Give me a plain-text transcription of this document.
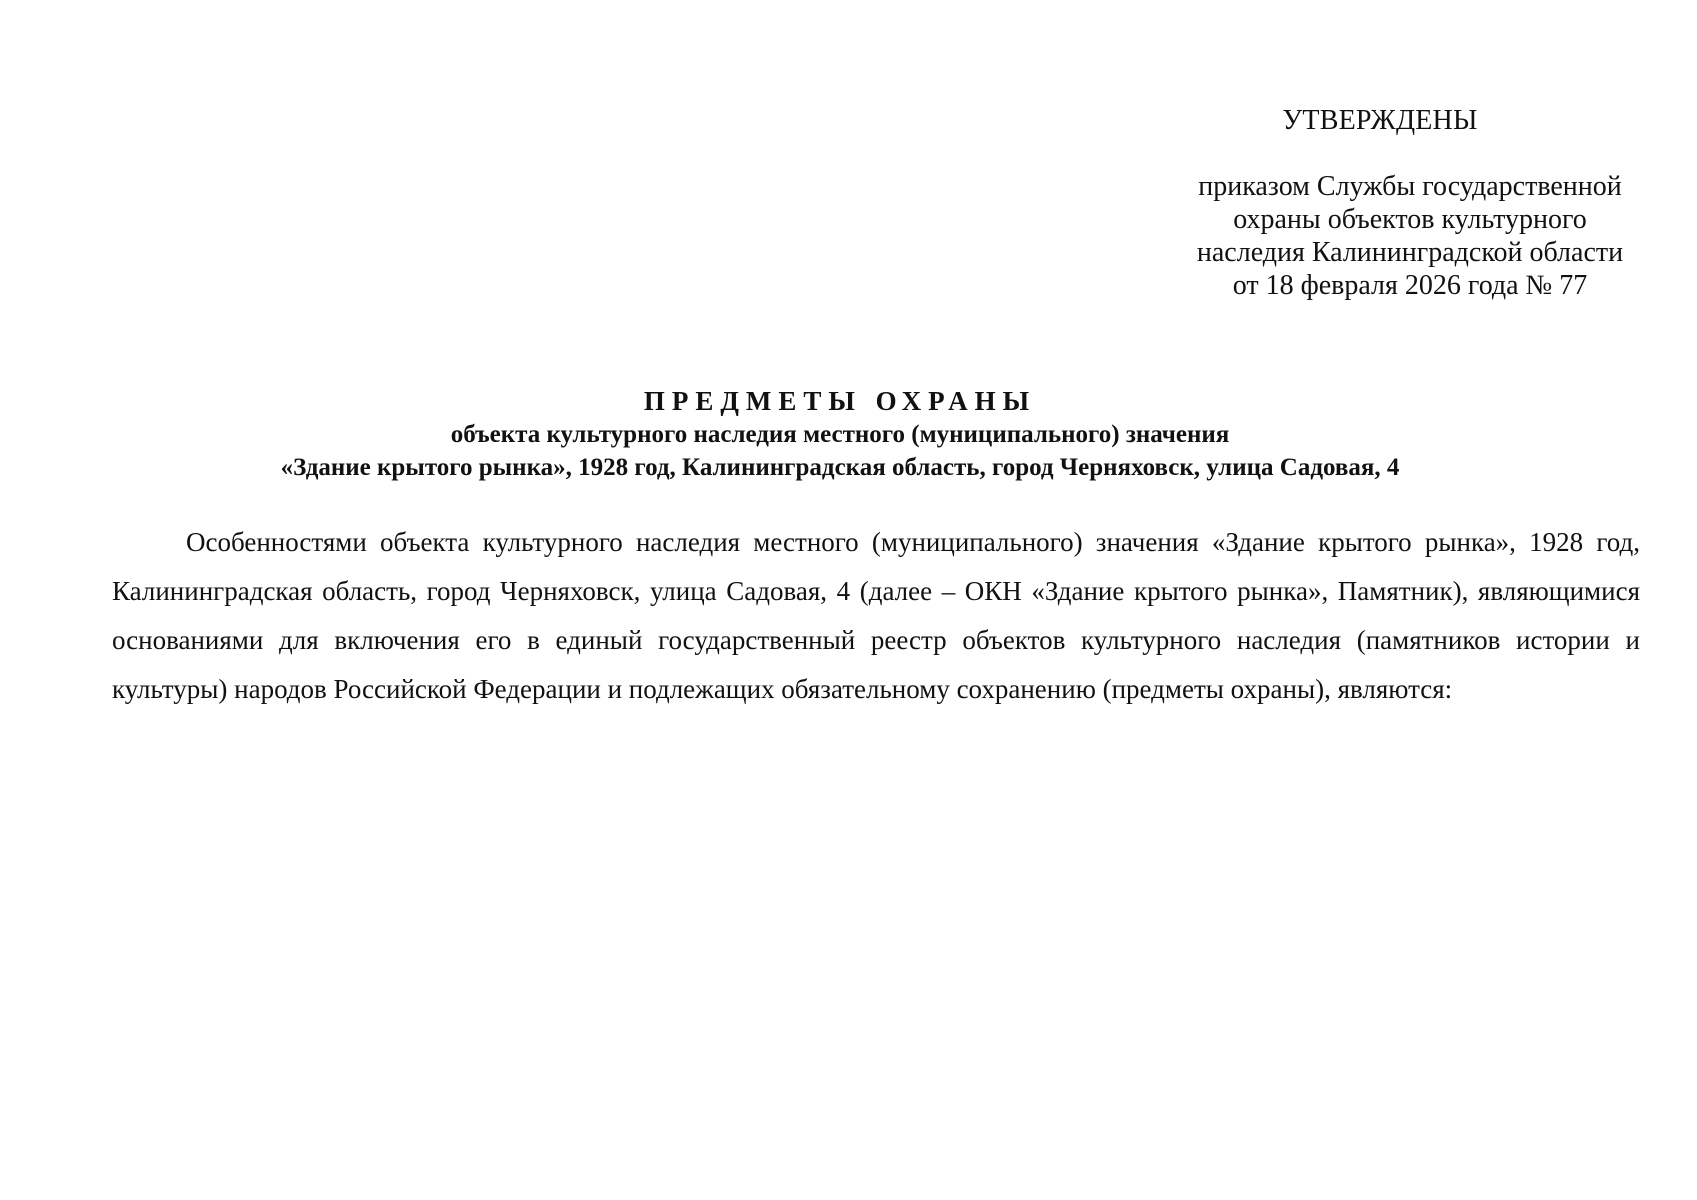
УТВЕРЖДЕНЫ
приказом Службы государственной
охраны объектов культурного
наследия Калининградской области
от 18 февраля 2026 года № 77
ПРЕДМЕТЫ ОХРАНЫ
объекта культурного наследия местного (муниципального) значения
«Здание крытого рынка», 1928 год, Калининградская область, город Черняховск, улица Садовая, 4

Особенностями объекта культурного наследия местного (муниципального) значения «Здание крытого рынка», 1928 год, Калининградская область, город Черняховск, улица Садовая, 4 (далее – ОКН «Здание крытого рынка», Памятник), являющимися основаниями для включения его в единый государственный реестр объектов культурного наследия (памятников истории и культуры) народов Российской Федерации и подлежащих обязательному сохранению (предметы охраны), являются:
